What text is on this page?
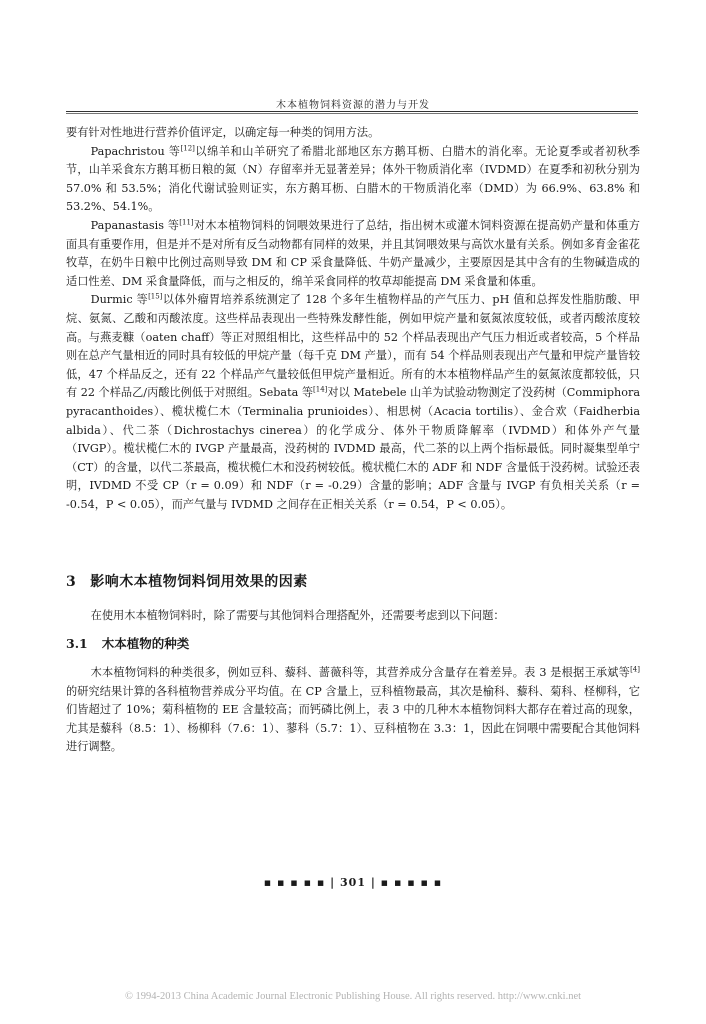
木本植物饲料资源的潜力与开发

要有针对性地进行营养价值评定，以确定每一种类的饲用方法。

Papachristou 等[12]以绵羊和山羊研究了希腊北部地区东方鹅耳枥、白腊木的消化率。无论夏季或者初秋季节，山羊采食东方鹅耳枥日粮的氮（N）存留率并无显著差异；体外干物质消化率（IVDMD）在夏季和初秋分别为 57.0% 和 53.5%；消化代谢试验则证实，东方鹅耳枥、白腊木的干物质消化率（DMD）为 66.9%、63.8% 和 53.2%、54.1%。

Papanastasis 等[11]对木本植物饲料的饲喂效果进行了总结，指出树木或灌木饲料资源在提高奶产量和体重方面具有重要作用，但是并不是对所有反刍动物都有同样的效果，并且其饲喂效果与高饮水量有关系。例如多育金雀花牧草，在奶牛日粮中比例过高则导致 DM 和 CP 采食量降低、牛奶产量减少，主要原因是其中含有的生物碱造成的适口性差、DM 采食量降低，而与之相反的，绵羊采食同样的牧草却能提高 DM 采食量和体重。

Durmic 等[15]以体外瘤胃培养系统测定了 128 个多年生植物样品的产气压力、pH 值和总挥发性脂肪酸、甲烷、氨氮、乙酸和丙酸浓度。这些样品表现出一些特殊发酵性能，例如甲烷产量和氨氮浓度较低，或者丙酸浓度较高。与燕麦糠（oaten chaff）等正对照组相比，这些样品中的 52 个样品表现出产气压力相近或者较高，5 个样品则在总产气量相近的同时具有较低的甲烷产量（每千克 DM 产量），而有 54 个样品则表现出产气量和甲烷产量皆较低，47 个样品反之，还有 22 个样品产气量较低但甲烷产量相近。所有的木本植物样品产生的氨氮浓度都较低，只有 22 个样品乙/丙酸比例低于对照组。Sebata 等[14]对以 Matebele 山羊为试验动物测定了没药树（Commiphora pyracanthoides）、榄状榄仁木（Terminalia prunioides）、相思树（Acacia tortilis）、金合欢（Faidherbia albida）、代二茶（Dichrostachys cinerea）的化学成分、体外干物质降解率（IVDMD）和体外产气量（IVGP）。榄状榄仁木的 IVGP 产量最高，没药树的 IVDMD 最高，代二茶的以上两个指标最低。同时凝集型单宁（CT）的含量，以代二茶最高，榄状榄仁木和没药树较低。榄状榄仁木的 ADF 和 NDF 含量低于没药树。试验还表明，IVDMD 不受 CP（r = 0.09）和 NDF（r = -0.29）含量的影响；ADF 含量与 IVGP 有负相关关系（r = -0.54，P < 0.05），而产气量与 IVDMD 之间存在正相关关系（r = 0.54，P < 0.05）。

3 影响木本植物饲料饲用效果的因素

在使用木本植物饲料时，除了需要与其他饲料合理搭配外，还需要考虑到以下问题：

3.1 木本植物的种类

木本植物饲料的种类很多，例如豆科、藜科、蔷薇科等，其营养成分含量存在着差异。表 3 是根据王承斌等[4]的研究结果计算的各科植物营养成分平均值。在 CP 含量上，豆科植物最高，其次是榆科、藜科、菊科、柽柳科，它们皆超过了 10%；菊科植物的 EE 含量较高；而钙磷比例上，表 3 中的几种木本植物饲料大都存在着过高的现象，尤其是藜科（8.5：1）、杨柳科（7.6：1）、蓼科（5.7：1）、豆科植物在 3.3：1，因此在饲喂中需要配合其他饲料进行调整。

▪ ▪ ▪ ▪ ▪ | 301 | ▪ ▪ ▪ ▪ ▪
© 1994-2013 China Academic Journal Electronic Publishing House. All rights reserved. http://www.cnki.net
